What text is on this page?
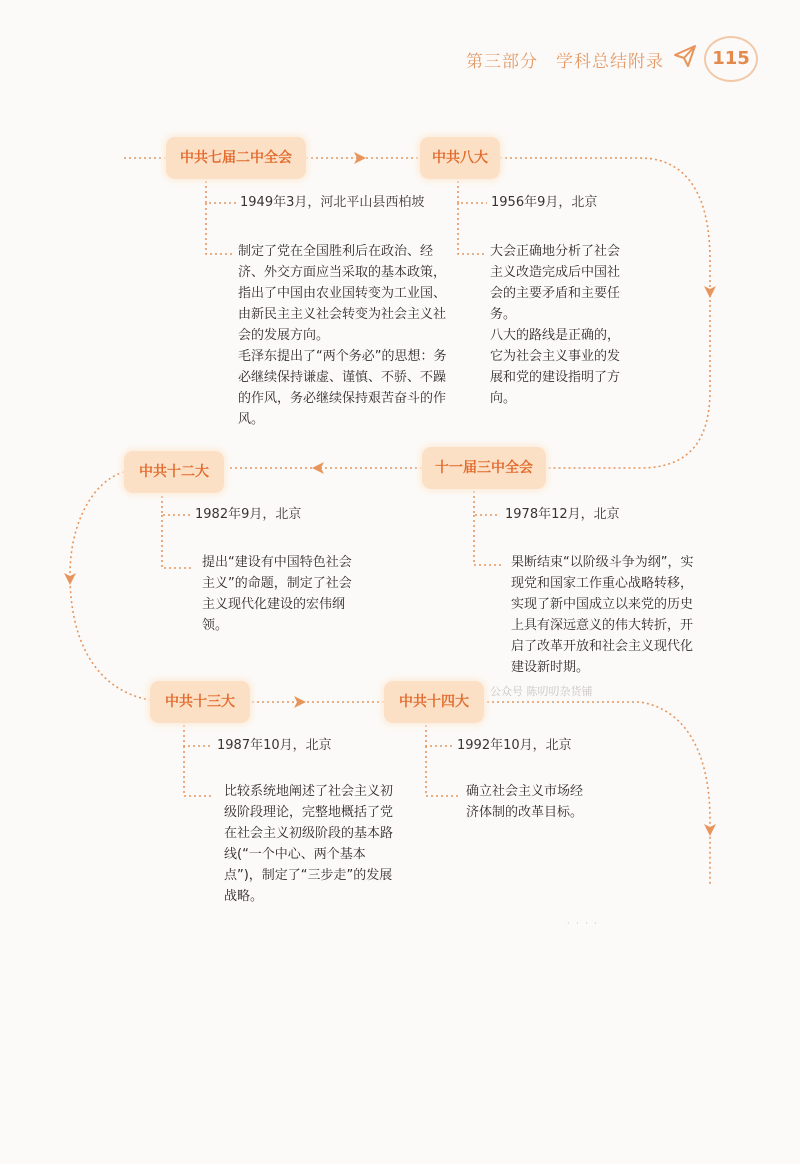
第三部分 学科总结附录	115
中共七届二中全会
1949年3月，河北平山县西柏坡

制定了党在全国胜利后在政治、经济、外交方面应当采取的基本政策，指出了中国由农业国转变为工业国、由新民主主义社会转变为社会主义社会的发展方向。

毛泽东提出了“两个务必”的思想：务必继续保持谦虚、谨慎、不骄、不躁的作风，务必继续保持艰苦奋斗的作风。

中共八大
1956年9月，北京

大会正确地分析了社会主义改造完成后中国社会的主要矛盾和主要任务。

八大的路线是正确的，它为社会主义事业的发展和党的建设指明了方向。

十一届三中全会
1978年12月，北京

果断结束“以阶级斗争为纲”，实现党和国家工作重心战略转移，实现了新中国成立以来党的历史上具有深远意义的伟大转折，开启了改革开放和社会主义现代化建设新时期。

中共十二大
1982年9月，北京

提出“建设有中国特色社会主义”的命题，制定了社会主义现代化建设的宏伟纲领。

中共十三大
1987年10月，北京

比较系统地阐述了社会主义初级阶段理论，完整地概括了党在社会主义初级阶段的基本路线(“一个中心、两个基本点”)，制定了“三步走”的发展战略。

中共十四大
1992年10月，北京

确立社会主义市场经济体制的改革目标。

公众号 陈叨叨杂货铺
· · · ·
